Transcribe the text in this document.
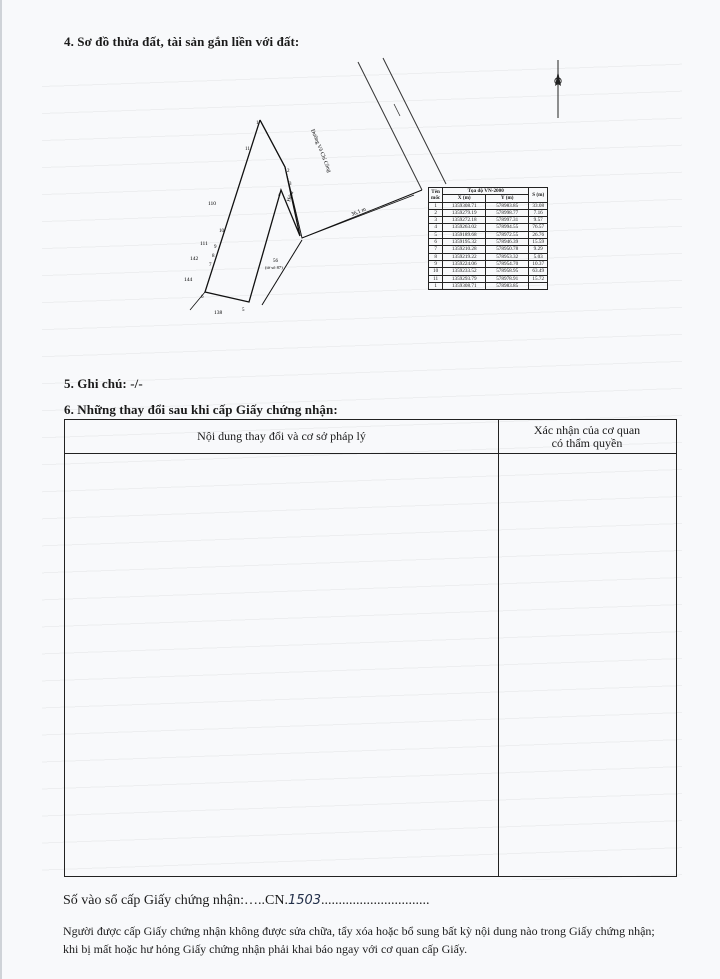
4. Sơ đồ thửa đất, tài sản gắn liền với đất:
Đường Võ Chí Công
Hẻm
36,1 m
110
111
142
144
138
11
10
9
8
7
6
5
4
3
2
1
56
(tờ số 87)
Tên mốc	Tọa độ VN-2000		S (m)
	X (m)	Y (m)	
1	1359308.71	578983.85	33.08
2	1359279.19	578998.77	7.16
3	1359272.18	578997.31	9.57
4	1359263.02	578994.55	76.57
5	1359189.68	578972.55	26.76
6	1359195.32	578946.39	15.59
7	1359210.28	578950.78	9.29
8	1359219.22	578953.32	5.03
9	1359224.06	578954.70	10.37
10	1359233.52	578958.95	63.49
11	1359293.79	578978.91	15.72
1	1359308.71	578983.85	
5. Ghi chú: -/-
6. Những thay đổi sau khi cấp Giấy chứng nhận:
Nội dung thay đổi và cơ sở pháp lý	Xác nhận của cơ quan
có thẩm quyền
Số vào sổ cấp Giấy chứng nhận:…..CN.1503...............................
Người được cấp Giấy chứng nhận không được sửa chữa, tẩy xóa hoặc bổ sung bất kỳ nội dung nào trong Giấy chứng nhận; khi bị mất hoặc hư hỏng Giấy chứng nhận phải khai báo ngay với cơ quan cấp Giấy.
